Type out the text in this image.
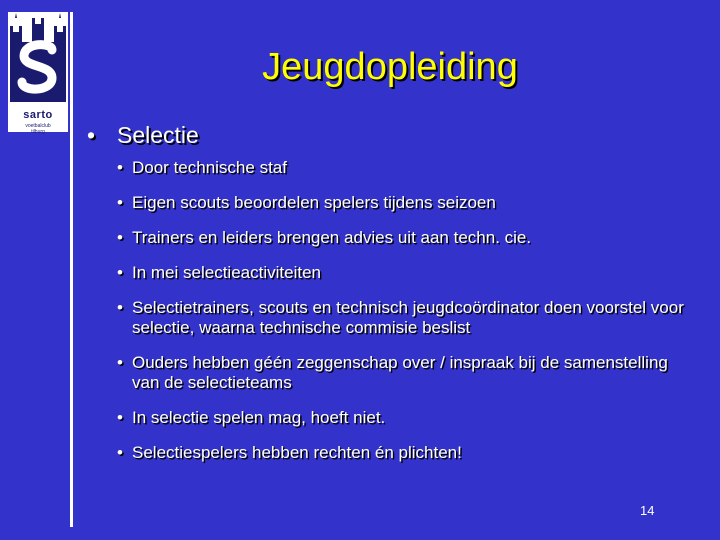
sarto
voetbalclub
tilburg
Jeugdopleiding
• Selectie
• Door technische staf
• Eigen scouts beoordelen spelers tijdens seizoen
• Trainers en leiders brengen advies uit aan techn. cie.
• In mei selectieactiviteiten
• Selectietrainers, scouts en technisch jeugdcoördinator doen voorstel voor selectie, waarna technische commisie beslist
• Ouders hebben géén zeggenschap over / inspraak bij de samenstelling van de selectieteams
• In selectie spelen mag, hoeft niet.
• Selectiespelers hebben rechten én plichten!
14
